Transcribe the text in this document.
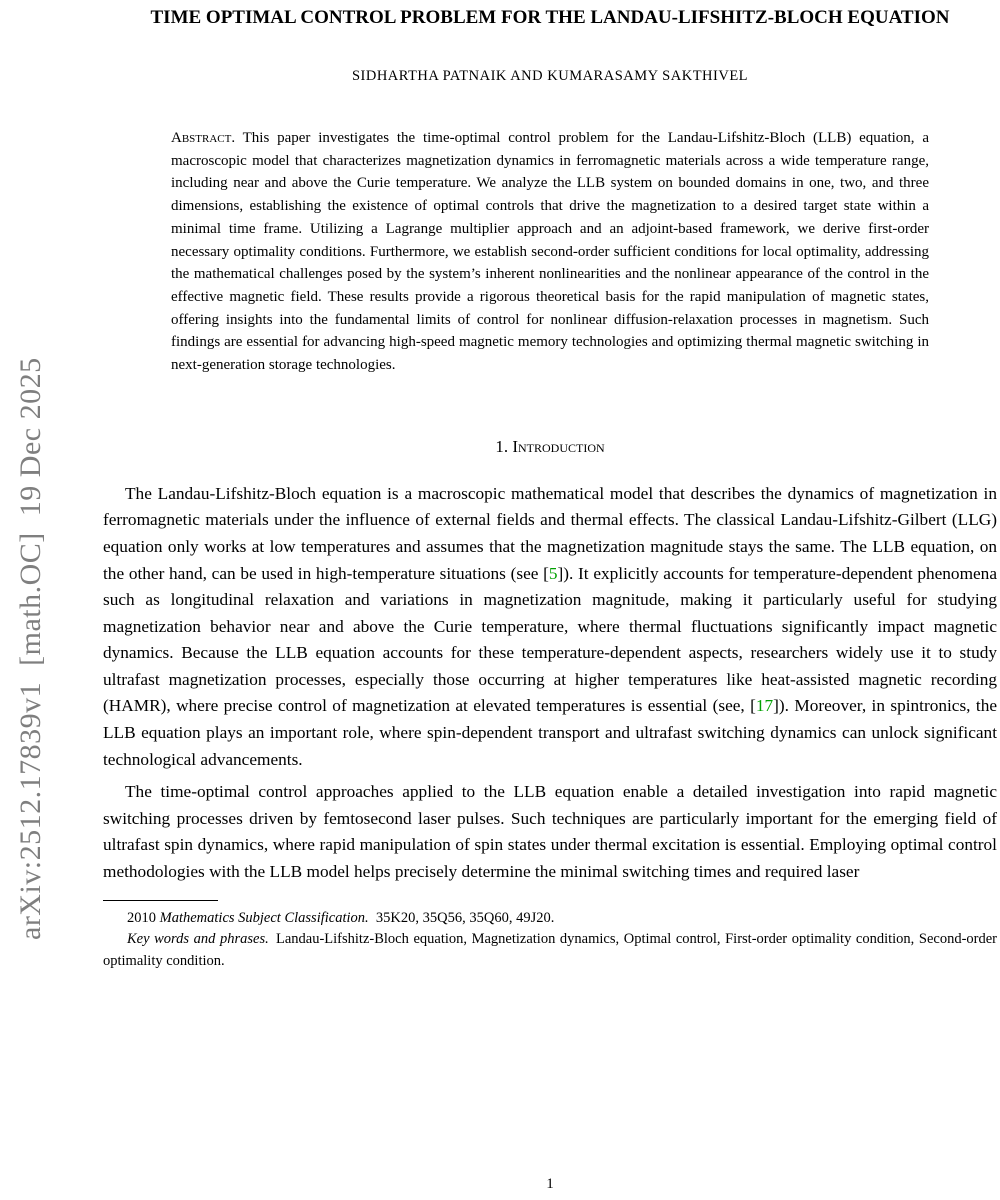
arXiv:2512.17839v1  [math.OC]  19 Dec 2025
TIME OPTIMAL CONTROL PROBLEM FOR THE LANDAU-LIFSHITZ-BLOCH EQUATION
SIDHARTHA PATNAIK AND KUMARASAMY SAKTHIVEL
Abstract. This paper investigates the time-optimal control problem for the Landau-Lifshitz-Bloch (LLB) equation, a macroscopic model that characterizes magnetization dynamics in ferromagnetic materials across a wide temperature range, including near and above the Curie temperature. We analyze the LLB system on bounded domains in one, two, and three dimensions, establishing the existence of optimal controls that drive the magnetization to a desired target state within a minimal time frame. Utilizing a Lagrange multiplier approach and an adjoint-based framework, we derive first-order necessary optimality conditions. Furthermore, we establish second-order sufficient conditions for local optimality, addressing the mathematical challenges posed by the system’s inherent nonlinearities and the nonlinear appearance of the control in the effective magnetic field. These results provide a rigorous theoretical basis for the rapid manipulation of magnetic states, offering insights into the fundamental limits of control for nonlinear diffusion-relaxation processes in magnetism. Such findings are essential for advancing high-speed magnetic memory technologies and optimizing thermal magnetic switching in next-generation storage technologies.
1. Introduction

The Landau-Lifshitz-Bloch equation is a macroscopic mathematical model that describes the dynamics of magnetization in ferromagnetic materials under the influence of external fields and thermal effects. The classical Landau-Lifshitz-Gilbert (LLG) equation only works at low temperatures and assumes that the magnetization magnitude stays the same. The LLB equation, on the other hand, can be used in high-temperature situations (see [5]). It explicitly accounts for temperature-dependent phenomena such as longitudinal relaxation and variations in magnetization magnitude, making it particularly useful for studying magnetization behavior near and above the Curie temperature, where thermal fluctuations significantly impact magnetic dynamics. Because the LLB equation accounts for these temperature-dependent aspects, researchers widely use it to study ultrafast magnetization processes, especially those occurring at higher temperatures like heat-assisted magnetic recording (HAMR), where precise control of magnetization at elevated temperatures is essential (see, [17]). Moreover, in spintronics, the LLB equation plays an important role, where spin-dependent transport and ultrafast switching dynamics can unlock significant technological advancements.

The time-optimal control approaches applied to the LLB equation enable a detailed investigation into rapid magnetic switching processes driven by femtosecond laser pulses. Such techniques are particularly important for the emerging field of ultrafast spin dynamics, where rapid manipulation of spin states under thermal excitation is essential. Employing optimal control methodologies with the LLB model helps precisely determine the minimal switching times and required laser

2010 Mathematics Subject Classification.  35K20, 35Q56, 35Q60, 49J20.

Key words and phrases.  Landau-Lifshitz-Bloch equation, Magnetization dynamics, Optimal control, First-order optimality condition, Second-order optimality condition.

1
